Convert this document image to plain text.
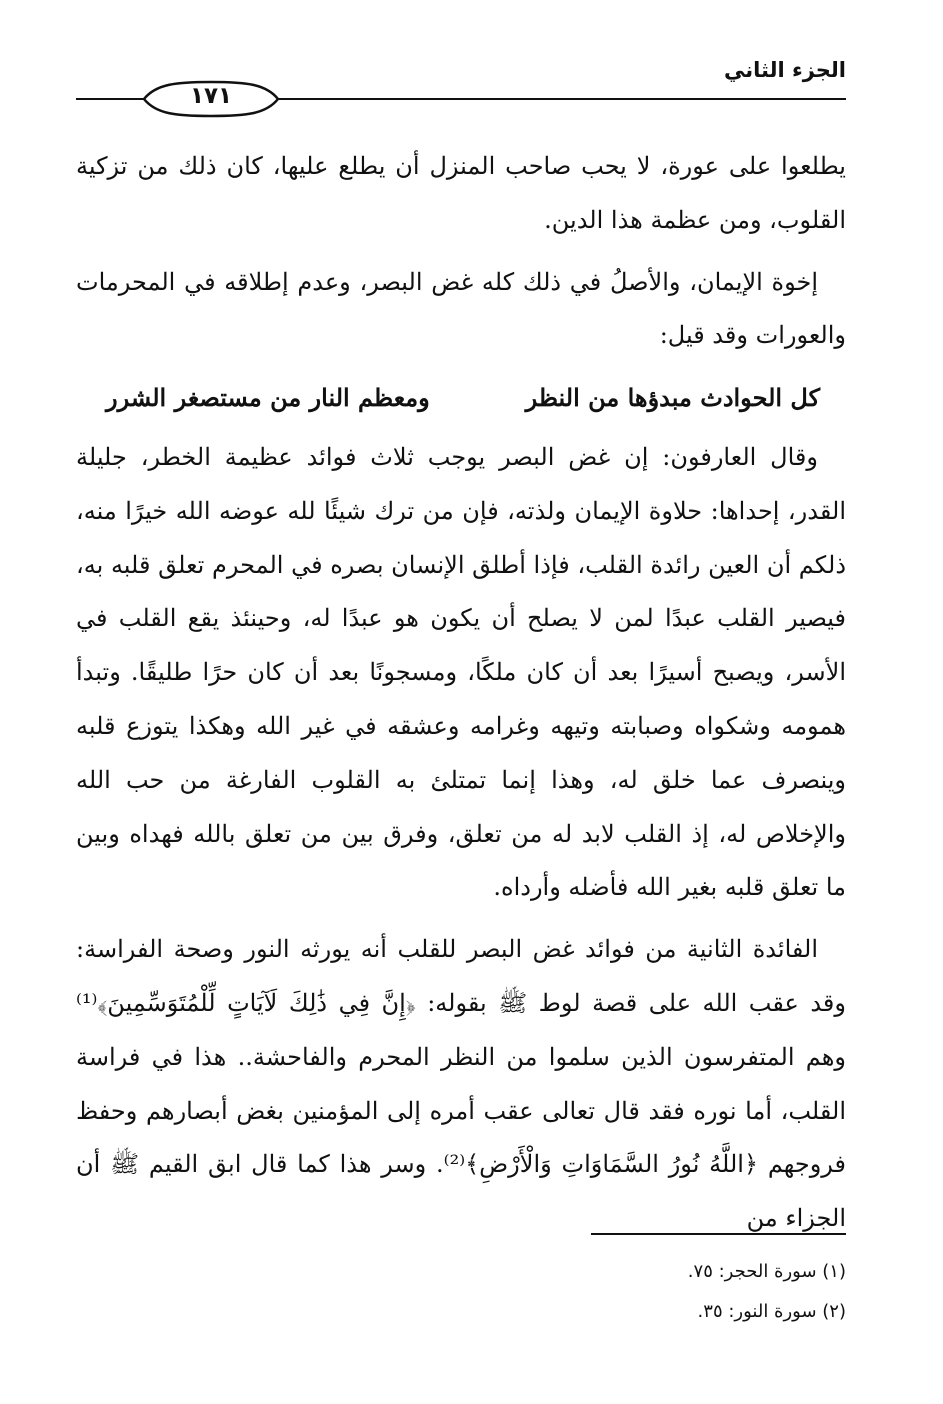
الجزء الثاني
١٧١

يطلعوا على عورة، لا يحب صاحب المنزل أن يطلع عليها، كان ذلك من تزكية القلوب، ومن عظمة هذا الدين.

إخوة الإيمان، والأصلُ في ذلك كله غض البصر، وعدم إطلاقه في المحرمات والعورات وقد قيل:

كل الحوادث مبدؤها من النظر
ومعظم النار من مستصغر الشرر

وقال العارفون: إن غض البصر يوجب ثلاث فوائد عظيمة الخطر، جليلة القدر، إحداها: حلاوة الإيمان ولذته، فإن من ترك شيئًا لله عوضه الله خيرًا منه، ذلكم أن العين رائدة القلب، فإذا أطلق الإنسان بصره في المحرم تعلق قلبه به، فيصير القلب عبدًا لمن لا يصلح أن يكون هو عبدًا له، وحينئذ يقع القلب في الأسر، ويصبح أسيرًا بعد أن كان ملكًا، ومسجونًا بعد أن كان حرًا طليقًا. وتبدأ همومه وشكواه وصبابته وتيهه وغرامه وعشقه في غير الله وهكذا يتوزع قلبه وينصرف عما خلق له، وهذا إنما تمتلئ به القلوب الفارغة من حب الله والإخلاص له، إذ القلب لابد له من تعلق، وفرق بين من تعلق بالله فهداه وبين ما تعلق قلبه بغير الله فأضله وأرداه.

الفائدة الثانية من فوائد غض البصر للقلب أنه يورثه النور وصحة الفراسة: وقد عقب الله على قصة لوط ﷺ بقوله: ﴿إِنَّ فِي ذَٰلِكَ لَآيَاتٍ لِّلْمُتَوَسِّمِينَ﴾⁽¹⁾ وهم المتفرسون الذين سلموا من النظر المحرم والفاحشة.. هذا في فراسة القلب، أما نوره فقد قال تعالى عقب أمره إلى المؤمنين بغض أبصارهم وحفظ فروجهم ﴿اللَّهُ نُورُ السَّمَاوَاتِ وَالْأَرْضِ﴾⁽²⁾. وسر هذا كما قال ابق القيم ﷺ أن الجزاء من

(١) سورة الحجر: ٧٥.
(٢) سورة النور: ٣٥.
